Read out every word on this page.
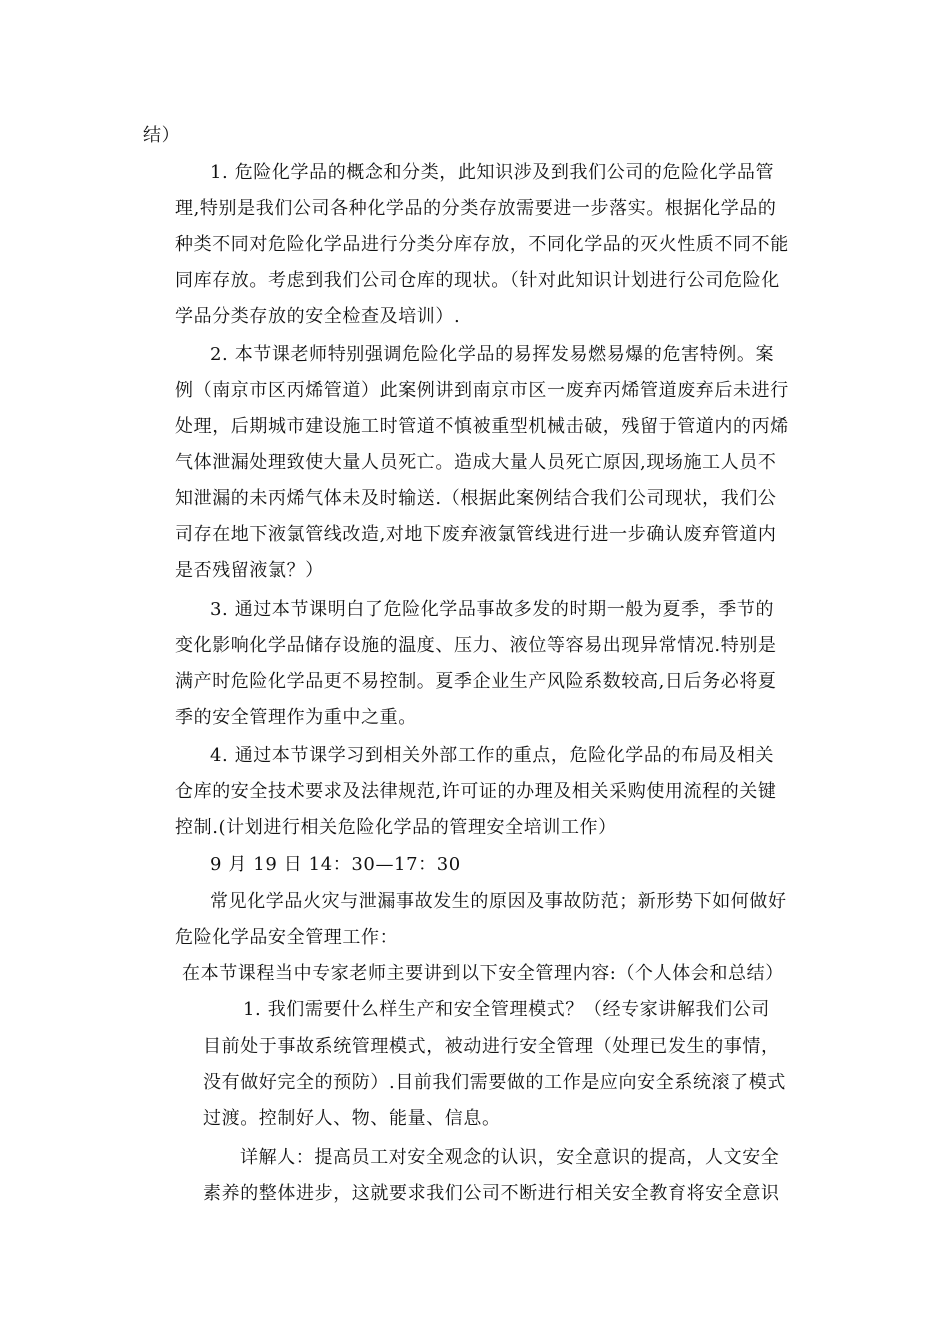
结）
1. 危险化学品的概念和分类，此知识涉及到我们公司的危险化学品管
理,特别是我们公司各种化学品的分类存放需要进一步落实。根据化学品的
种类不同对危险化学品进行分类分库存放，不同化学品的灭火性质不同不能
同库存放。考虑到我们公司仓库的现状。（针对此知识计划进行公司危险化
学品分类存放的安全检查及培训）.
2. 本节课老师特别强调危险化学品的易挥发易燃易爆的危害特例。案
例（南京市区丙烯管道）此案例讲到南京市区一废弃丙烯管道废弃后未进行
处理，后期城市建设施工时管道不慎被重型机械击破，残留于管道内的丙烯
气体泄漏处理致使大量人员死亡。造成大量人员死亡原因,现场施工人员不
知泄漏的未丙烯气体未及时输送.（根据此案例结合我们公司现状，我们公
司存在地下液氯管线改造,对地下废弃液氯管线进行进一步确认废弃管道内
是否残留液氯？）
3. 通过本节课明白了危险化学品事故多发的时期一般为夏季，季节的
变化影响化学品储存设施的温度、压力、液位等容易出现异常情况.特别是
满产时危险化学品更不易控制。夏季企业生产风险系数较高,日后务必将夏
季的安全管理作为重中之重。
4. 通过本节课学习到相关外部工作的重点，危险化学品的布局及相关
仓库的安全技术要求及法律规范,许可证的办理及相关采购使用流程的关键
控制.(计划进行相关危险化学品的管理安全培训工作）
9 月 19 日 14：30—17：30
常见化学品火灾与泄漏事故发生的原因及事故防范；新形势下如何做好
危险化学品安全管理工作：
在本节课程当中专家老师主要讲到以下安全管理内容:（个人体会和总结）
1. 我们需要什么样生产和安全管理模式？（经专家讲解我们公司
目前处于事故系统管理模式，被动进行安全管理（处理已发生的事情，
没有做好完全的预防）.目前我们需要做的工作是应向安全系统滚了模式
过渡。控制好人、物、能量、信息。
详解人：提高员工对安全观念的认识，安全意识的提高，人文安全
素养的整体进步，这就要求我们公司不断进行相关安全教育将安全意识
